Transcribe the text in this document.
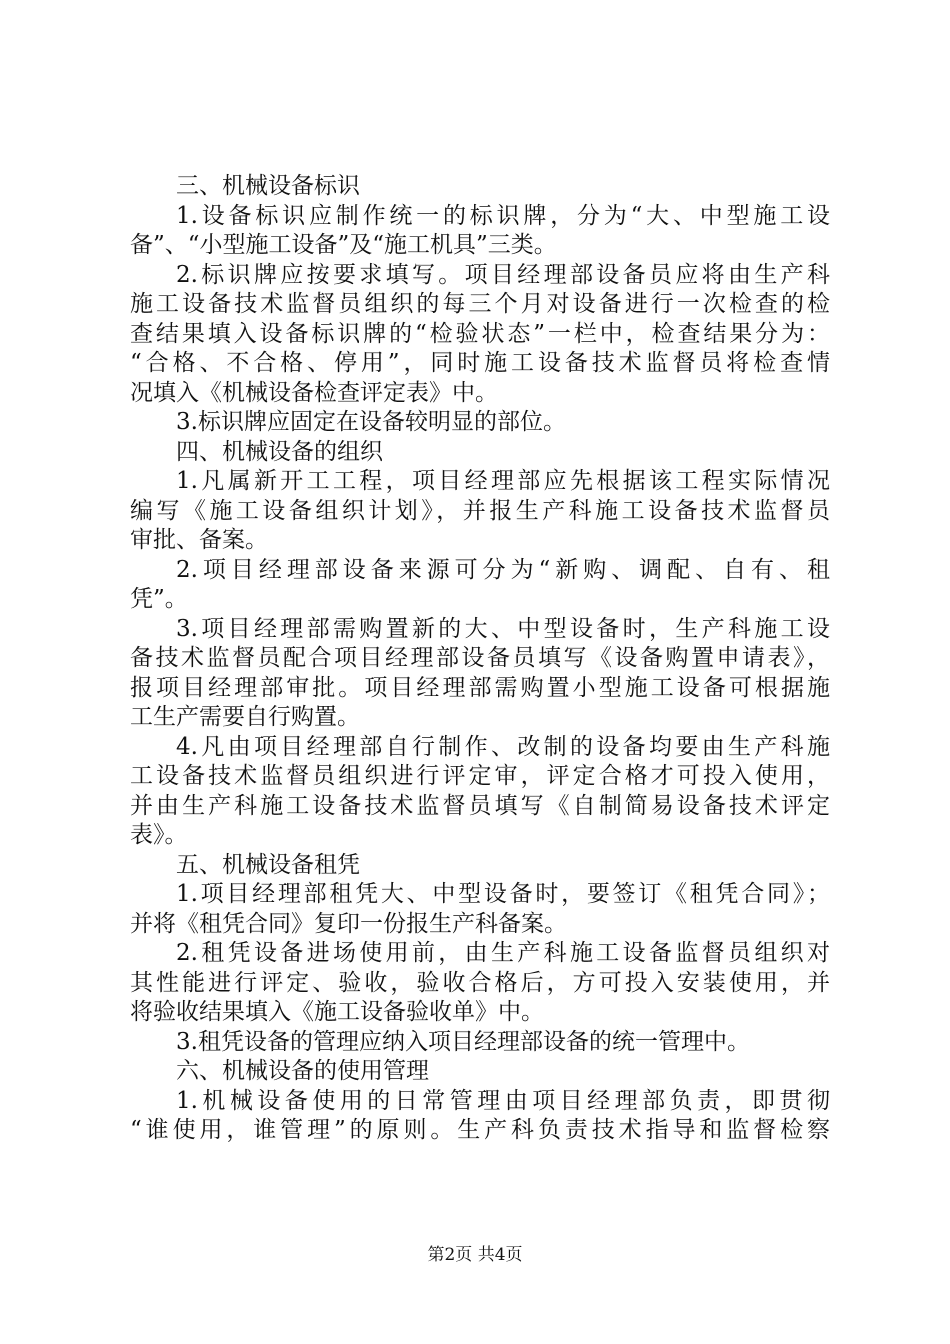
三、机械设备标识
1.设备标识应制作统一的标识牌，分为“大、中型施工设
备”、“小型施工设备”及“施工机具”三类。
2.标识牌应按要求填写。项目经理部设备员应将由生产科
施工设备技术监督员组织的每三个月对设备进行一次检查的检
查结果填入设备标识牌的“检验状态”一栏中，检查结果分为：
“合格、不合格、停用”，同时施工设备技术监督员将检查情
况填入《机械设备检查评定表》中。
3.标识牌应固定在设备较明显的部位。
四、机械设备的组织
1.凡属新开工工程，项目经理部应先根据该工程实际情况
编写《施工设备组织计划》，并报生产科施工设备技术监督员
审批、备案。
2.项目经理部设备来源可分为“新购、调配、自有、租
凭”。
3.项目经理部需购置新的大、中型设备时，生产科施工设
备技术监督员配合项目经理部设备员填写《设备购置申请表》，
报项目经理部审批。项目经理部需购置小型施工设备可根据施
工生产需要自行购置。
4.凡由项目经理部自行制作、改制的设备均要由生产科施
工设备技术监督员组织进行评定审，评定合格才可投入使用，
并由生产科施工设备技术监督员填写《自制简易设备技术评定
表》。
五、机械设备租凭
1.项目经理部租凭大、中型设备时，要签订《租凭合同》；
并将《租凭合同》复印一份报生产科备案。
2.租凭设备进场使用前，由生产科施工设备监督员组织对
其性能进行评定、验收，验收合格后，方可投入安装使用，并
将验收结果填入《施工设备验收单》中。
3.租凭设备的管理应纳入项目经理部设备的统一管理中。
六、机械设备的使用管理
1.机械设备使用的日常管理由项目经理部负责，即贯彻
“谁使用，谁管理”的原则。生产科负责技术指导和监督检察
第2页 共4页
